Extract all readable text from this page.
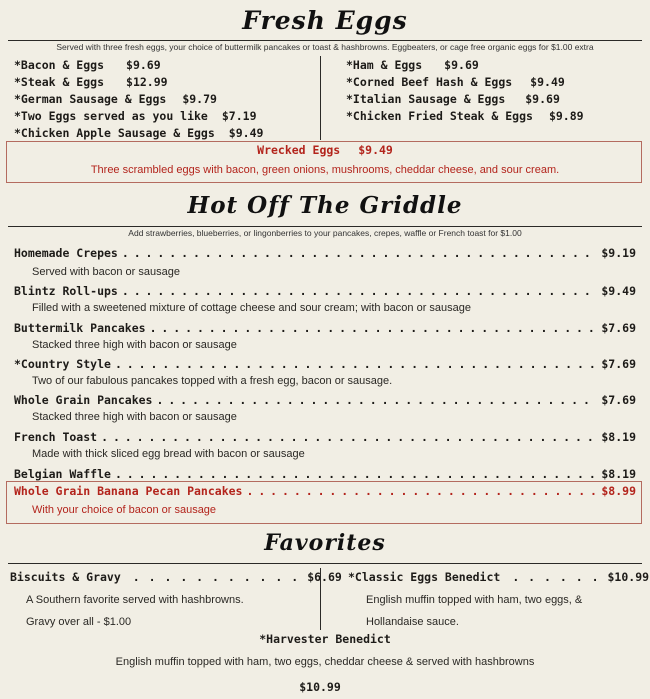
Fresh Eggs
Served with three fresh eggs, your choice of buttermilk pancakes or toast & hashbrowns. Eggbeaters, or cage free organic eggs for $1.00 extra
*Bacon & Eggs $9.69
*Steak & Eggs $12.99
*German Sausage & Eggs $9.79
*Two Eggs served as you like $7.19
*Chicken Apple Sausage & Eggs $9.49
*Ham & Eggs $9.69
*Corned Beef Hash & Eggs $9.49
*Italian Sausage & Eggs $9.69
*Chicken Fried Steak & Eggs $9.89
Wrecked Eggs $9.49
Three scrambled eggs with bacon, green onions, mushrooms, cheddar cheese, and sour cream.
Hot Off The Griddle
Add strawberries, blueberries, or lingonberries to your pancakes, crepes, waffle or French toast for $1.00
Homemade Crepes . . .	$9.19
Served with bacon or sausage
Blintz Roll-ups . . .	$9.49
Filled with a sweetened mixture of cottage cheese and sour cream; with bacon or sausage
Buttermilk Pancakes . . .	$7.69
Stacked three high with bacon or sausage
*Country Style . . .	$7.69
Two of our fabulous pancakes topped with a fresh egg, bacon or sausage.
Whole Grain Pancakes . . .	$7.69
Stacked three high with bacon or sausage
French Toast . . .	$8.19
Made with thick sliced egg bread with bacon or sausage
Belgian Waffle . . .	$8.19
Whole Grain Banana Pecan Pancakes . . .	$8.99
With your choice of bacon or sausage
Favorites
Biscuits & Gravy . . . . . . . . . . . $6.69
A Southern favorite served with hashbrowns.
Gravy over all - $1.00
*Classic Eggs Benedict . . . . . . $10.99
English muffin topped with ham, two eggs, &
Hollandaise sauce.
*Harvester Benedict
English muffin topped with ham, two eggs, cheddar cheese & served with hashbrowns
$10.99
